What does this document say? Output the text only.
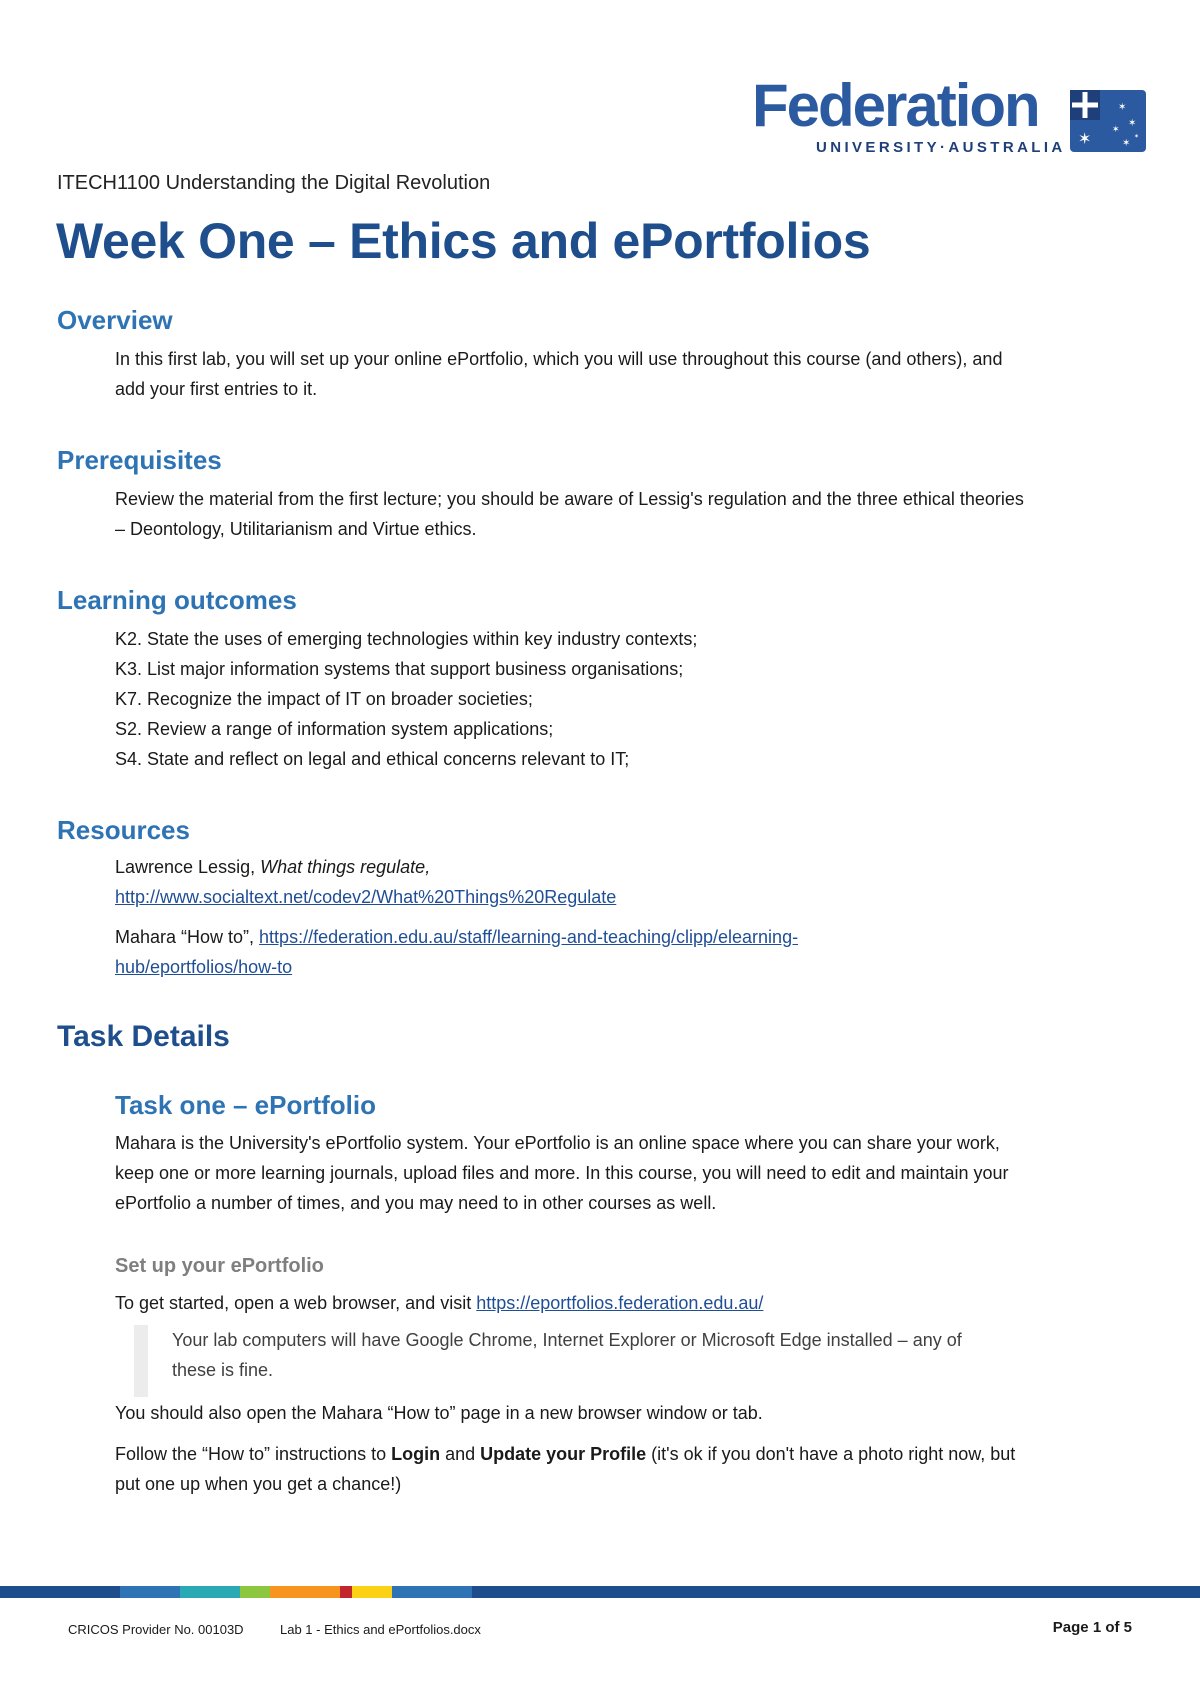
Federation
UNIVERSITY·AUSTRALIA ✶
✶
✶
✶
✶
✶
ITECH1100 Understanding the Digital Revolution
Week One – Ethics and ePortfolios
Overview

In this first lab, you will set up your online ePortfolio, which you will use throughout this course (and others), and add your first entries to it.

Prerequisites

Review the material from the first lecture; you should be aware of Lessig's regulation and the three ethical theories – Deontology, Utilitarianism and Virtue ethics.

Learning outcomes
K2. State the uses of emerging technologies within key industry contexts;
K3. List major information systems that support business organisations;
K7. Recognize the impact of IT on broader societies;
S2. Review a range of information system applications;
S4. State and reflect on legal and ethical concerns relevant to IT;
Resources

Lawrence Lessig, What things regulate,
http://www.socialtext.net/codev2/What%20Things%20Regulate

Mahara “How to”, https://federation.edu.au/staff/learning-and-teaching/clipp/elearning-
hub/eportfolios/how-to

Task Details
Task one – ePortfolio

Mahara is the University's ePortfolio system. Your ePortfolio is an online space where you can share your work, keep one or more learning journals, upload files and more. In this course, you will need to edit and maintain your ePortfolio a number of times, and you may need to in other courses as well.

Set up your ePortfolio

To get started, open a web browser, and visit https://eportfolios.federation.edu.au/

Your lab computers will have Google Chrome, Internet Explorer or Microsoft Edge installed – any of these is fine.

You should also open the Mahara “How to” page in a new browser window or tab.

Follow the “How to” instructions to Login and Update your Profile (it's ok if you don't have a photo right now, but put one up when you get a chance!)

CRICOS Provider No. 00103D	Lab 1 - Ethics and ePortfolios.docx	Page 1 of 5
